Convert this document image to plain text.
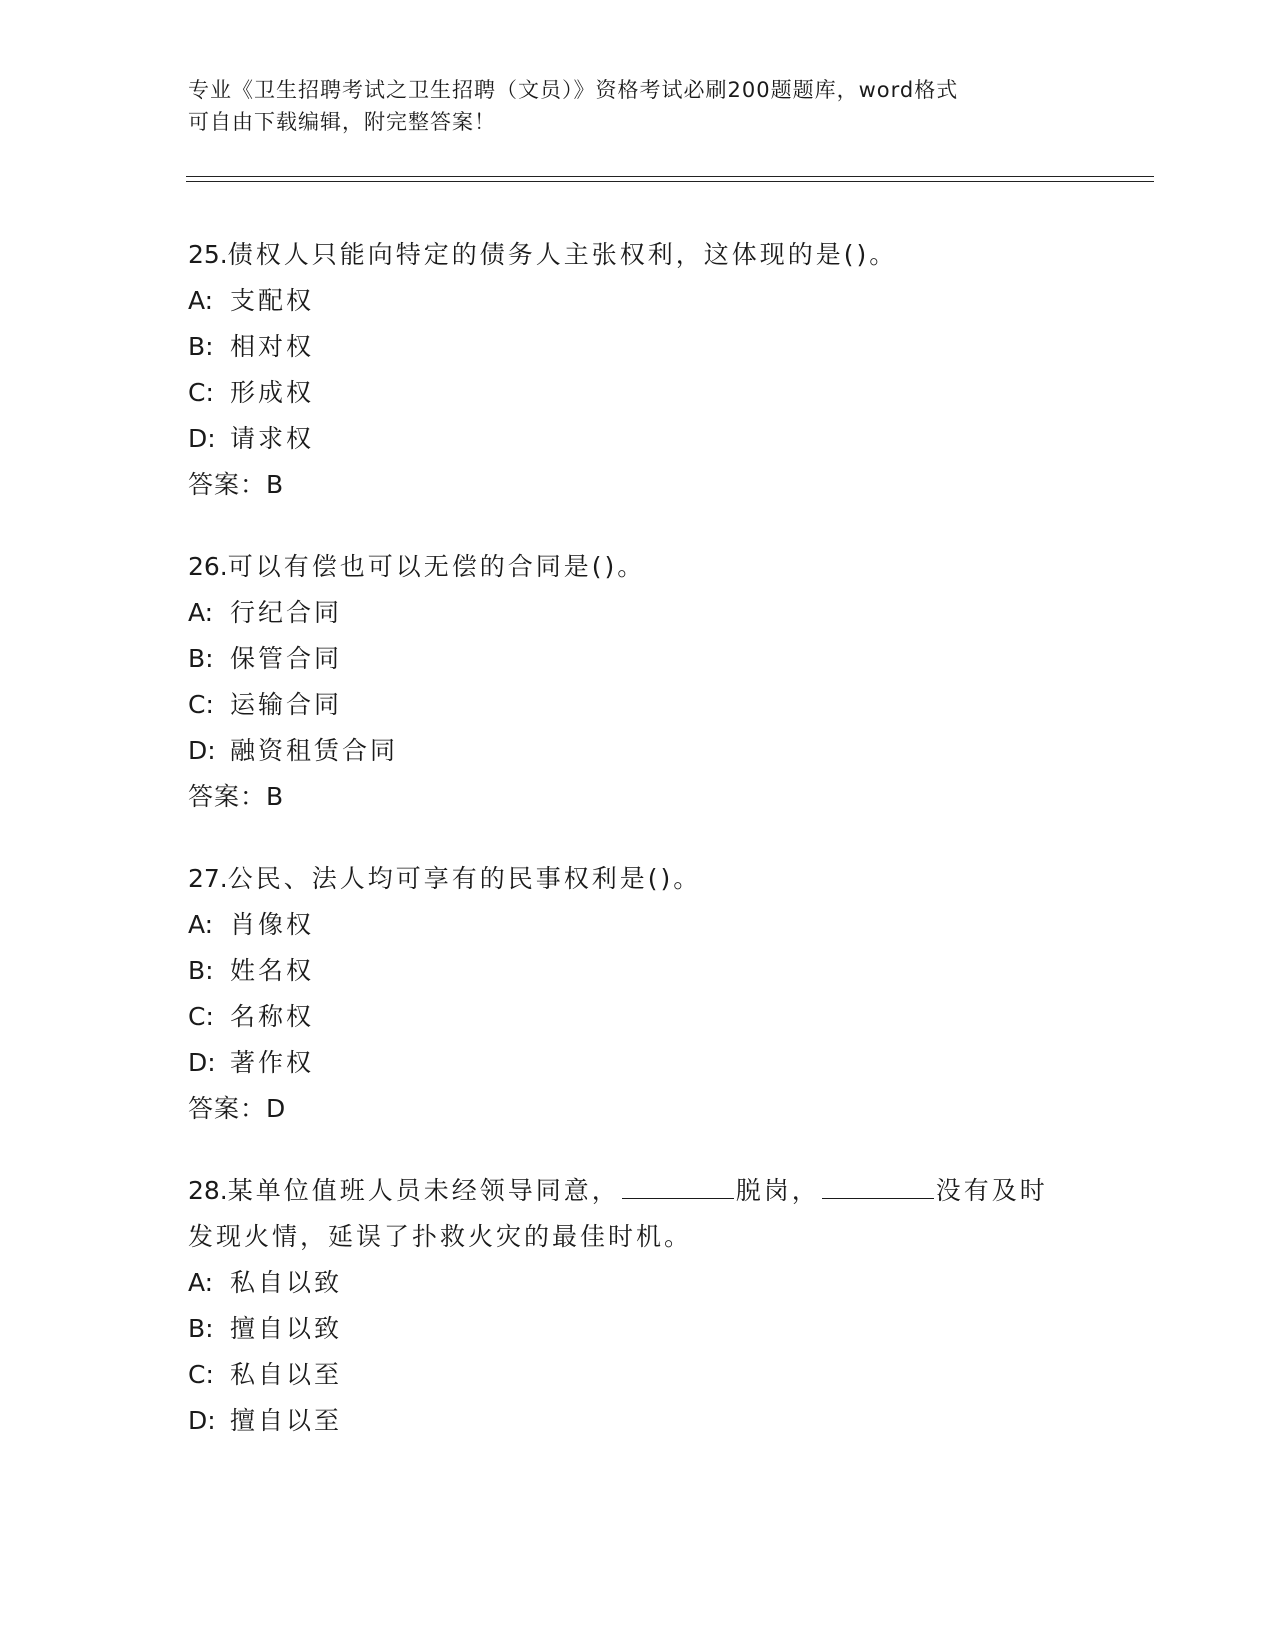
专业《卫生招聘考试之卫生招聘（文员）》资格考试必刷200题题库，word格式
可自由下载编辑，附完整答案！
25.债权人只能向特定的债务人主张权利，这体现的是()。
A: 支配权
B: 相对权
C: 形成权
D: 请求权
答案：B
26.可以有偿也可以无偿的合同是()。
A: 行纪合同
B: 保管合同
C: 运输合同
D: 融资租赁合同
答案：B
27.公民、法人均可享有的民事权利是()。
A: 肖像权
B: 姓名权
C: 名称权
D: 著作权
答案：D
28.某单位值班人员未经领导同意，	脱岗，	没有及时
发现火情，延误了扑救火灾的最佳时机。
A: 私自以致
B: 擅自以致
C: 私自以至
D: 擅自以至
